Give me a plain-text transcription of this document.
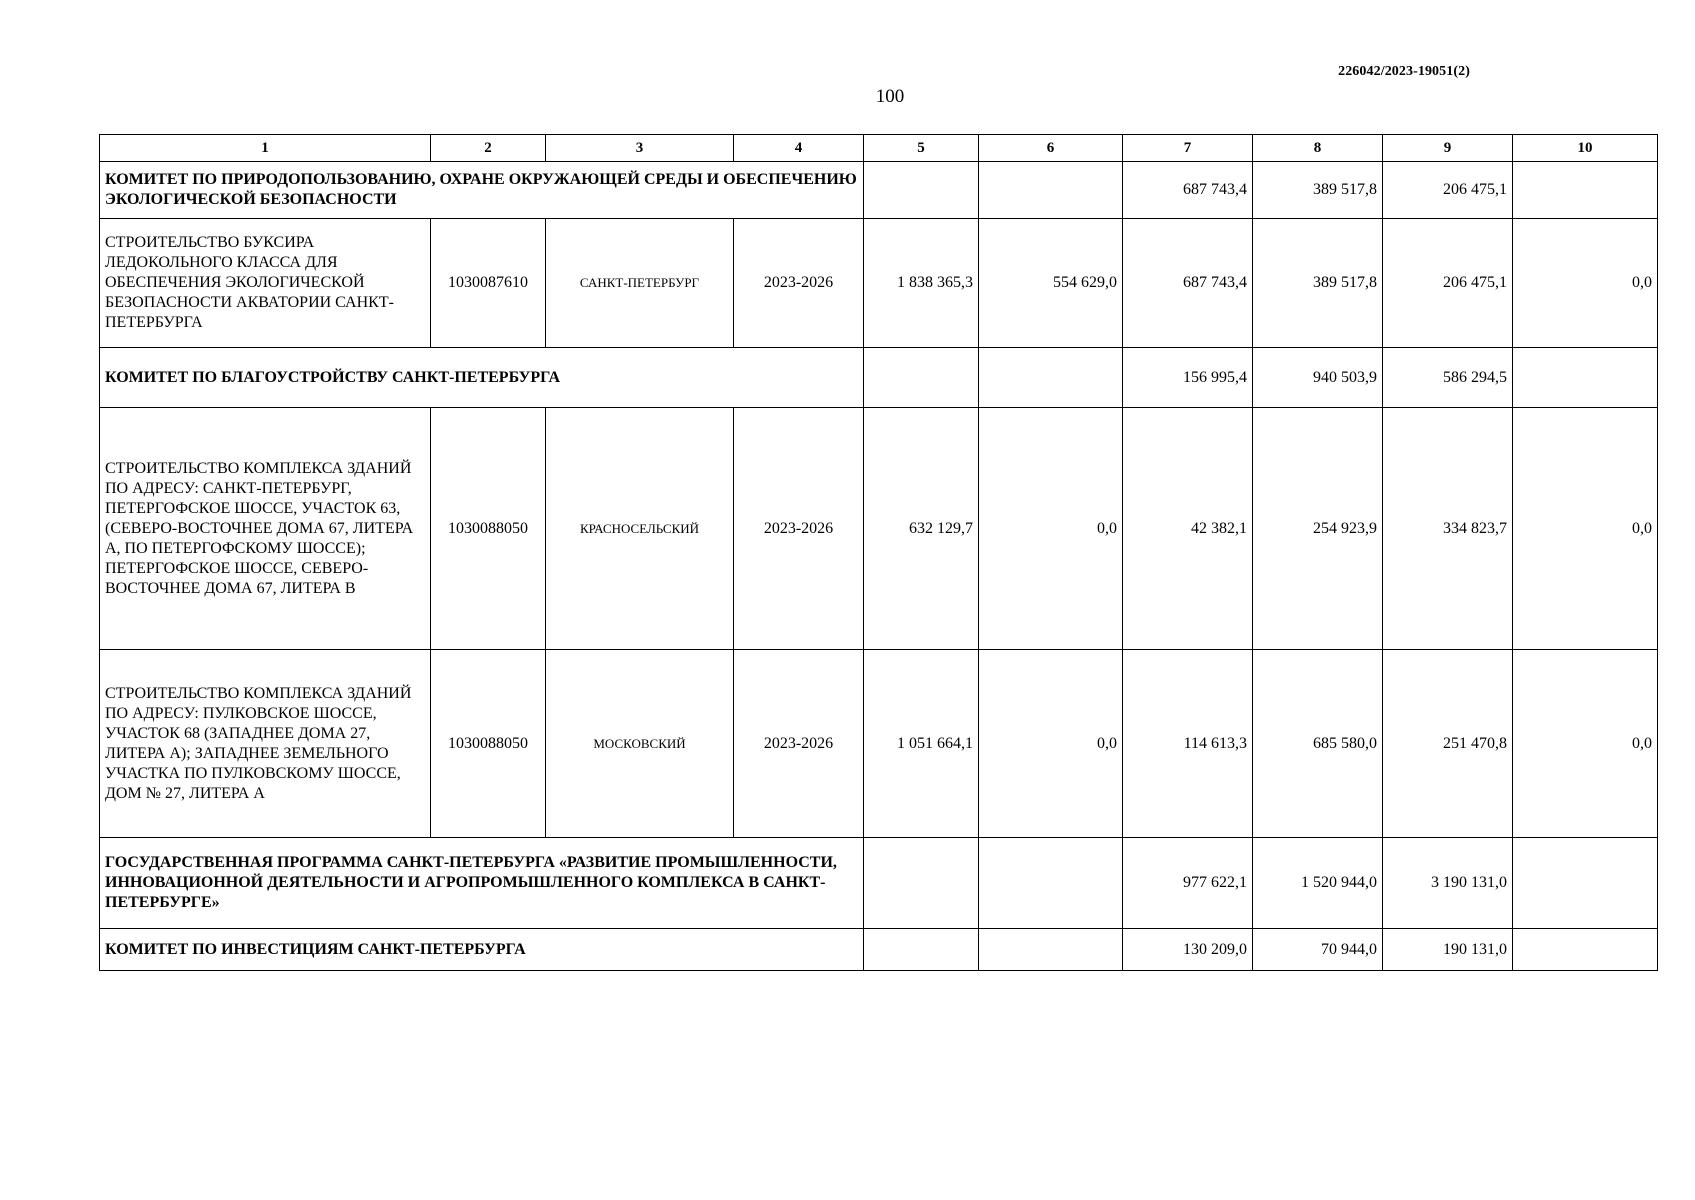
226042/2023-19051(2)
100
1	2	3	4	5	6	7	8	9	10
КОМИТЕТ ПО ПРИРОДОПОЛЬЗОВАНИЮ, ОХРАНЕ ОКРУЖАЮЩЕЙ СРЕДЫ И ОБЕСПЕЧЕНИЮ ЭКОЛОГИЧЕСКОЙ БЕЗОПАСНОСТИ						687 743,4	389 517,8	206 475,1	
СТРОИТЕЛЬСТВО БУКСИРА ЛЕДОКОЛЬНОГО КЛАССА ДЛЯ ОБЕСПЕЧЕНИЯ ЭКОЛОГИЧЕСКОЙ БЕЗОПАСНОСТИ АКВАТОРИИ САНКТ-ПЕТЕРБУРГА	1030087610	САНКТ-ПЕТЕРБУРГ	2023-2026	1 838 365,3	554 629,0	687 743,4	389 517,8	206 475,1	0,0
КОМИТЕТ ПО БЛАГОУСТРОЙСТВУ САНКТ-ПЕТЕРБУРГА						156 995,4	940 503,9	586 294,5	
СТРОИТЕЛЬСТВО КОМПЛЕКСА ЗДАНИЙ ПО АДРЕСУ: САНКТ-ПЕТЕРБУРГ, ПЕТЕРГОФСКОЕ ШОССЕ, УЧАСТОК 63, (СЕВЕРО-ВОСТОЧНЕЕ ДОМА 67, ЛИТЕРА А, ПО ПЕТЕРГОФСКОМУ ШОССЕ); ПЕТЕРГОФСКОЕ ШОССЕ, СЕВЕРО-ВОСТОЧНЕЕ ДОМА 67, ЛИТЕРА В	1030088050	КРАСНОСЕЛЬСКИЙ	2023-2026	632 129,7	0,0	42 382,1	254 923,9	334 823,7	0,0
СТРОИТЕЛЬСТВО КОМПЛЕКСА ЗДАНИЙ ПО АДРЕСУ: ПУЛКОВСКОЕ ШОССЕ, УЧАСТОК 68 (ЗАПАДНЕЕ ДОМА 27, ЛИТЕРА А); ЗАПАДНЕЕ ЗЕМЕЛЬНОГО УЧАСТКА ПО ПУЛКОВСКОМУ ШОССЕ, ДОМ № 27, ЛИТЕРА А	1030088050	МОСКОВСКИЙ	2023-2026	1 051 664,1	0,0	114 613,3	685 580,0	251 470,8	0,0
ГОСУДАРСТВЕННАЯ ПРОГРАММА САНКТ-ПЕТЕРБУРГА «РАЗВИТИЕ ПРОМЫШЛЕННОСТИ, ИННОВАЦИОННОЙ ДЕЯТЕЛЬНОСТИ И АГРОПРОМЫШЛЕННОГО КОМПЛЕКСА В САНКТ-ПЕТЕРБУРГЕ»						977 622,1	1 520 944,0	3 190 131,0	
КОМИТЕТ ПО ИНВЕСТИЦИЯМ САНКТ-ПЕТЕРБУРГА						130 209,0	70 944,0	190 131,0	
